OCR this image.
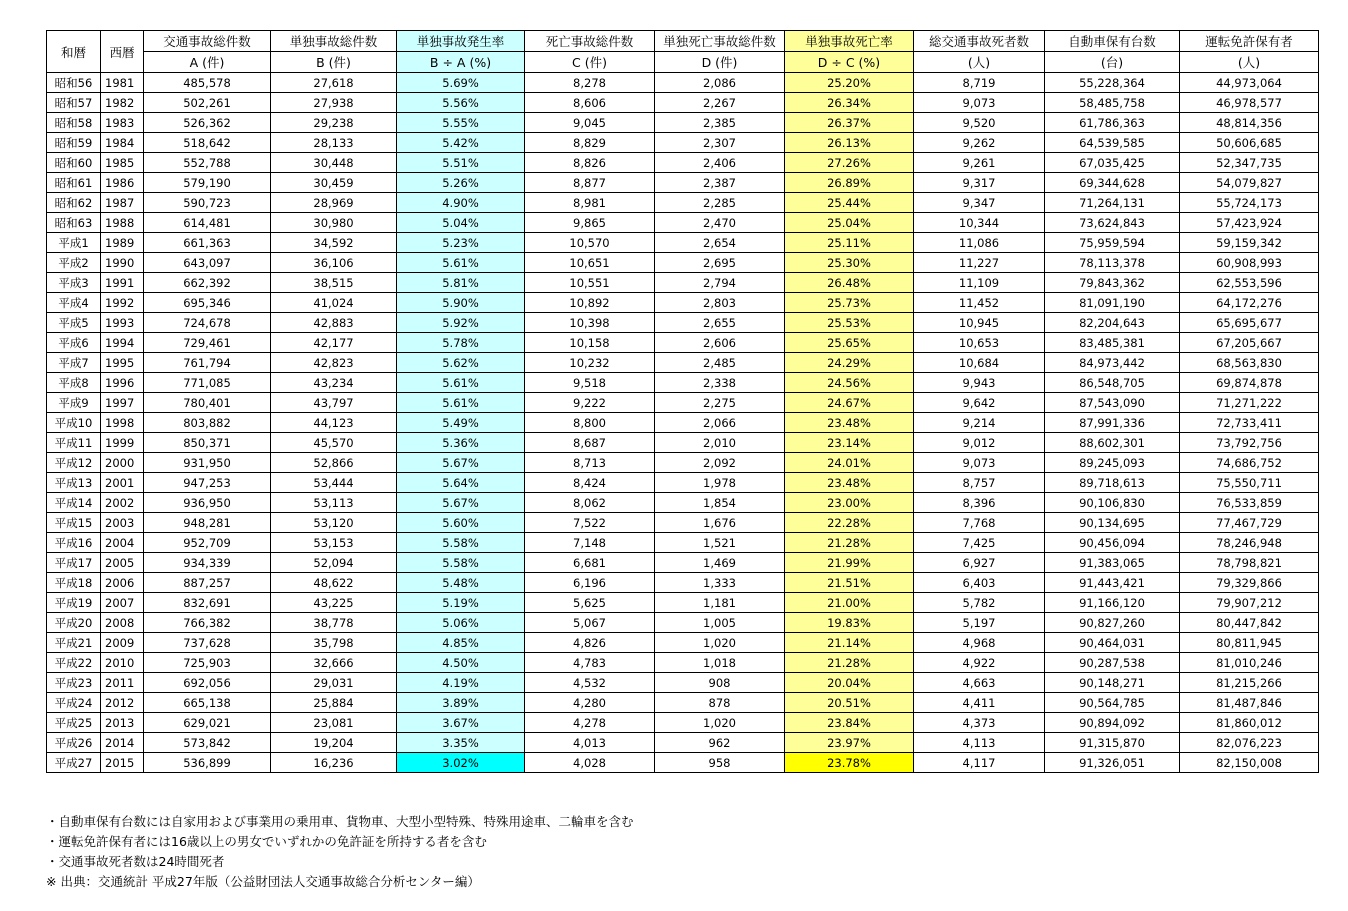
和暦	西暦	交通事故総件数	単独事故総件数	単独事故発生率	死亡事故総件数	単独死亡事故総件数	単独事故死亡率	総交通事故死者数	自動車保有台数	運転免許保有者
		A (件)	B (件)	B ÷ A (%)	C (件)	D (件)	D ÷ C (%)	(人)	(台)	(人)
昭和56	1981	485,578	27,618	5.69%	8,278	2,086	25.20%	8,719	55,228,364	44,973,064
昭和57	1982	502,261	27,938	5.56%	8,606	2,267	26.34%	9,073	58,485,758	46,978,577
昭和58	1983	526,362	29,238	5.55%	9,045	2,385	26.37%	9,520	61,786,363	48,814,356
昭和59	1984	518,642	28,133	5.42%	8,829	2,307	26.13%	9,262	64,539,585	50,606,685
昭和60	1985	552,788	30,448	5.51%	8,826	2,406	27.26%	9,261	67,035,425	52,347,735
昭和61	1986	579,190	30,459	5.26%	8,877	2,387	26.89%	9,317	69,344,628	54,079,827
昭和62	1987	590,723	28,969	4.90%	8,981	2,285	25.44%	9,347	71,264,131	55,724,173
昭和63	1988	614,481	30,980	5.04%	9,865	2,470	25.04%	10,344	73,624,843	57,423,924
平成1	1989	661,363	34,592	5.23%	10,570	2,654	25.11%	11,086	75,959,594	59,159,342
平成2	1990	643,097	36,106	5.61%	10,651	2,695	25.30%	11,227	78,113,378	60,908,993
平成3	1991	662,392	38,515	5.81%	10,551	2,794	26.48%	11,109	79,843,362	62,553,596
平成4	1992	695,346	41,024	5.90%	10,892	2,803	25.73%	11,452	81,091,190	64,172,276
平成5	1993	724,678	42,883	5.92%	10,398	2,655	25.53%	10,945	82,204,643	65,695,677
平成6	1994	729,461	42,177	5.78%	10,158	2,606	25.65%	10,653	83,485,381	67,205,667
平成7	1995	761,794	42,823	5.62%	10,232	2,485	24.29%	10,684	84,973,442	68,563,830
平成8	1996	771,085	43,234	5.61%	9,518	2,338	24.56%	9,943	86,548,705	69,874,878
平成9	1997	780,401	43,797	5.61%	9,222	2,275	24.67%	9,642	87,543,090	71,271,222
平成10	1998	803,882	44,123	5.49%	8,800	2,066	23.48%	9,214	87,991,336	72,733,411
平成11	1999	850,371	45,570	5.36%	8,687	2,010	23.14%	9,012	88,602,301	73,792,756
平成12	2000	931,950	52,866	5.67%	8,713	2,092	24.01%	9,073	89,245,093	74,686,752
平成13	2001	947,253	53,444	5.64%	8,424	1,978	23.48%	8,757	89,718,613	75,550,711
平成14	2002	936,950	53,113	5.67%	8,062	1,854	23.00%	8,396	90,106,830	76,533,859
平成15	2003	948,281	53,120	5.60%	7,522	1,676	22.28%	7,768	90,134,695	77,467,729
平成16	2004	952,709	53,153	5.58%	7,148	1,521	21.28%	7,425	90,456,094	78,246,948
平成17	2005	934,339	52,094	5.58%	6,681	1,469	21.99%	6,927	91,383,065	78,798,821
平成18	2006	887,257	48,622	5.48%	6,196	1,333	21.51%	6,403	91,443,421	79,329,866
平成19	2007	832,691	43,225	5.19%	5,625	1,181	21.00%	5,782	91,166,120	79,907,212
平成20	2008	766,382	38,778	5.06%	5,067	1,005	19.83%	5,197	90,827,260	80,447,842
平成21	2009	737,628	35,798	4.85%	4,826	1,020	21.14%	4,968	90,464,031	80,811,945
平成22	2010	725,903	32,666	4.50%	4,783	1,018	21.28%	4,922	90,287,538	81,010,246
平成23	2011	692,056	29,031	4.19%	4,532	908	20.04%	4,663	90,148,271	81,215,266
平成24	2012	665,138	25,884	3.89%	4,280	878	20.51%	4,411	90,564,785	81,487,846
平成25	2013	629,021	23,081	3.67%	4,278	1,020	23.84%	4,373	90,894,092	81,860,012
平成26	2014	573,842	19,204	3.35%	4,013	962	23.97%	4,113	91,315,870	82,076,223
平成27	2015	536,899	16,236	3.02%	4,028	958	23.78%	4,117	91,326,051	82,150,008
・自動車保有台数には自家用および事業用の乗用車、貨物車、大型小型特殊、特殊用途車、二輪車を含む
・運転免許保有者には16歳以上の男女でいずれかの免許証を所持する者を含む
・交通事故死者数は24時間死者
※ 出典：交通統計 平成27年版（公益財団法人交通事故総合分析センター編）
